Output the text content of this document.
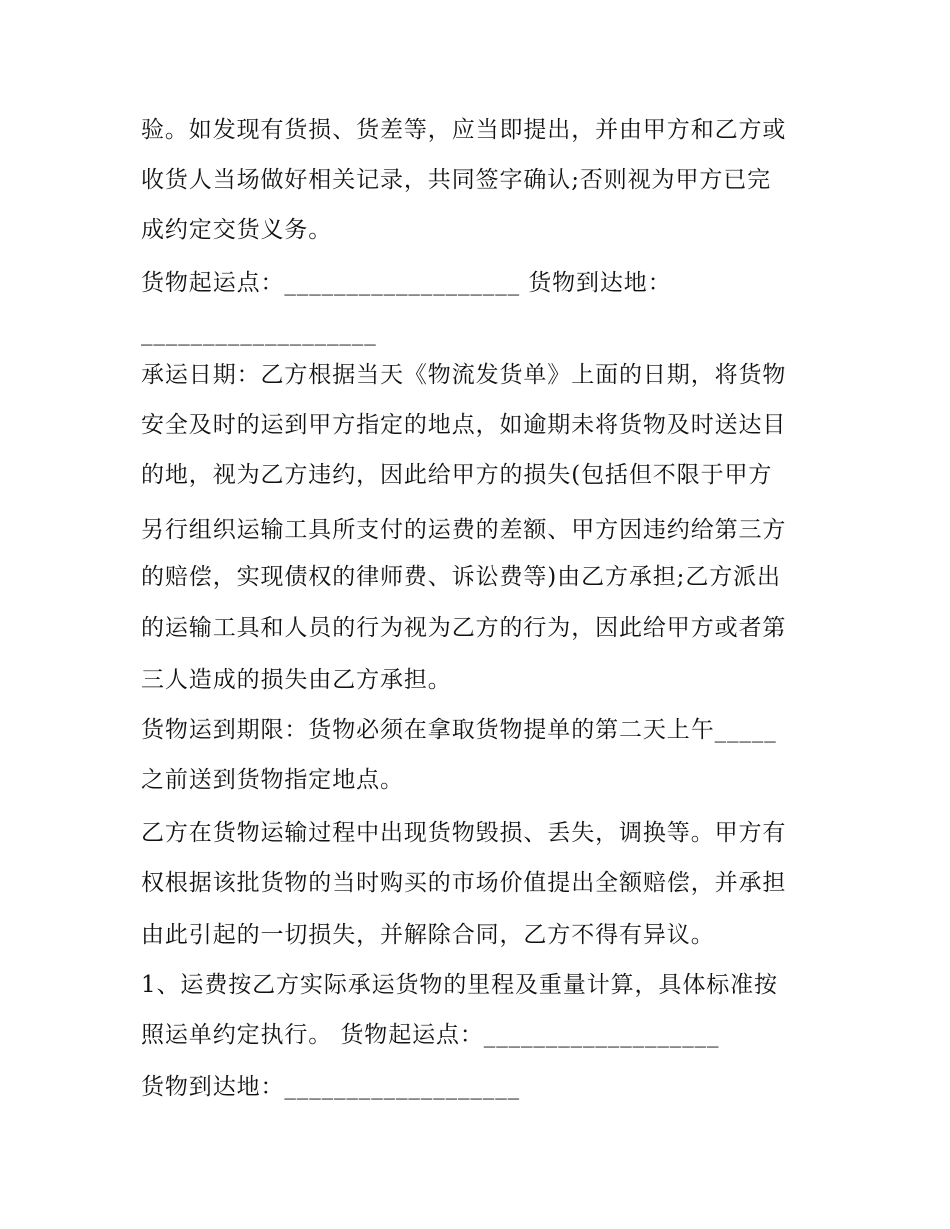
验。如发现有货损、货差等，应当即提出，并由甲方和乙方或

收货人当场做好相关记录，共同签字确认;否则视为甲方已完

成约定交货义务。

货物起运点：___________________ 货物到达地：

___________________

承运日期：乙方根据当天《物流发货单》上面的日期，将货物

安全及时的运到甲方指定的地点，如逾期未将货物及时送达目

的地，视为乙方违约，因此给甲方的损失(包括但不限于甲方

另行组织运输工具所支付的运费的差额、甲方因违约给第三方

的赔偿，实现债权的律师费、诉讼费等)由乙方承担;乙方派出

的运输工具和人员的行为视为乙方的行为，因此给甲方或者第

三人造成的损失由乙方承担。

货物运到期限：货物必须在拿取货物提单的第二天上午_____

之前送到货物指定地点。

乙方在货物运输过程中出现货物毁损、丢失，调换等。甲方有

权根据该批货物的当时购买的市场价值提出全额赔偿，并承担

由此引起的一切损失，并解除合同，乙方不得有异议。

1、运费按乙方实际承运货物的里程及重量计算，具体标准按

照运单约定执行。 货物起运点：___________________

货物到达地：___________________
